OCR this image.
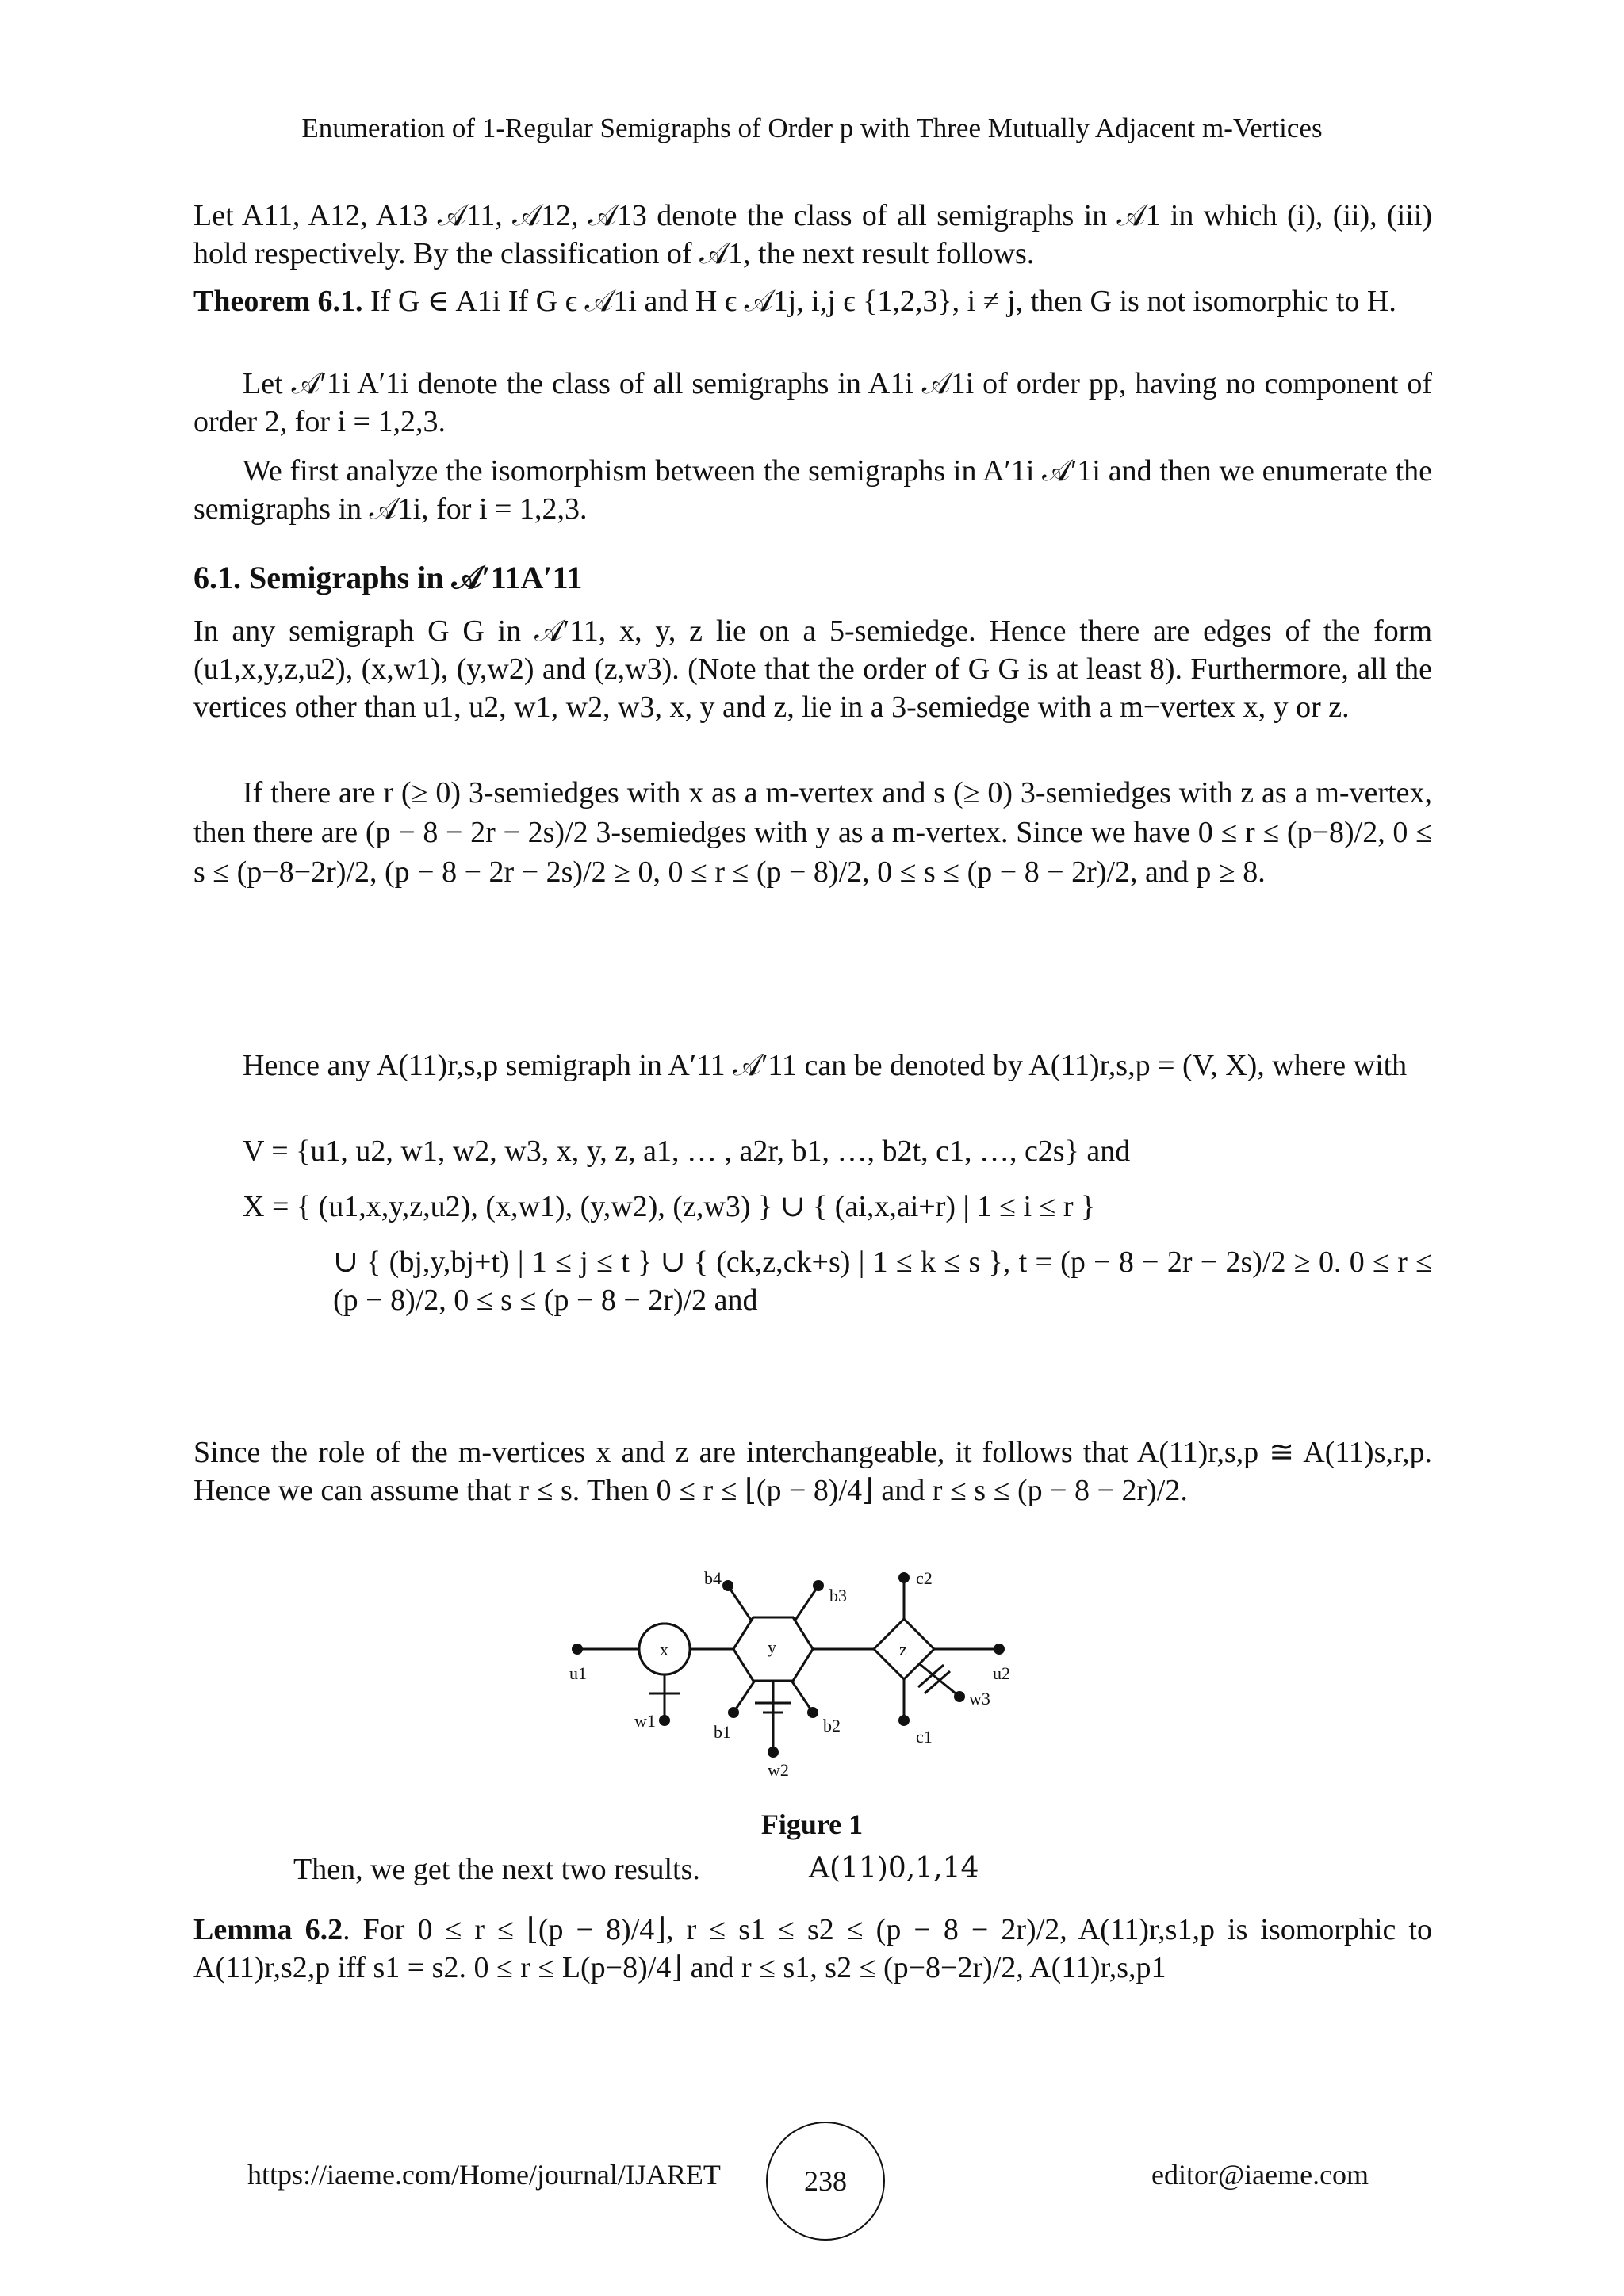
Enumeration of 1-Regular Semigraphs of Order p with Three Mutually Adjacent m-Vertices
Let A11, A12, A13 𝒜11, 𝒜12, 𝒜13 denote the class of all semigraphs in 𝒜1 in which (i), (ii), (iii) hold respectively. By the classification of 𝒜1, the next result follows.
Theorem 6.1. If G ∈ A1i If G ϵ 𝒜1i and H ϵ 𝒜1j, i,j ϵ {1,2,3}, i ≠ j, then G is not isomorphic to H.
Let 𝒜′1i A′1i denote the class of all semigraphs in A1i 𝒜1i of order pp, having no component of order 2, for i = 1,2,3.
We first analyze the isomorphism between the semigraphs in A′1i 𝒜′1i and then we enumerate the semigraphs in 𝒜1i, for i = 1,2,3.
6.1. Semigraphs in 𝒜′11A′11
In any semigraph G G in 𝒜′11, x, y, z lie on a 5-semiedge. Hence there are edges of the form (u1,x,y,z,u2), (x,w1), (y,w2) and (z,w3). (Note that the order of G G is at least 8). Furthermore, all the vertices other than u1, u2, w1, w2, w3, x, y and z, lie in a 3-semiedge with a m−vertex x, y or z.
If there are r (≥ 0) 3-semiedges with x as a m-vertex and s (≥ 0) 3-semiedges with z as a m-vertex, then there are (p − 8 − 2r − 2s)/2 3-semiedges with y as a m-vertex. Since we have 0 ≤ r ≤ (p−8)/2, 0 ≤ s ≤ (p−8−2r)/2, (p − 8 − 2r − 2s)/2 ≥ 0, 0 ≤ r ≤ (p − 8)/2, 0 ≤ s ≤ (p − 8 − 2r)/2, and p ≥ 8.
Hence any A(11)r,s,p semigraph in A′11 𝒜′11 can be denoted by A(11)r,s,p = (V, X), where with
V = {u1, u2, w1, w2, w3, x, y, z, a1, … , a2r, b1, …, b2t, c1, …, c2s} and
X = { (u1,x,y,z,u2), (x,w1), (y,w2), (z,w3) } ∪ { (ai,x,ai+r) | 1 ≤ i ≤ r }
∪ { (bj,y,bj+t) | 1 ≤ j ≤ t } ∪ { (ck,z,ck+s) | 1 ≤ k ≤ s }, t = (p − 8 − 2r − 2s)/2 ≥ 0. 0 ≤ r ≤ (p − 8)/2, 0 ≤ s ≤ (p − 8 − 2r)/2 and
Since the role of the m-vertices x and z are interchangeable, it follows that A(11)r,s,p ≅ A(11)s,r,p. Hence we can assume that r ≤ s. Then 0 ≤ r ≤ ⌊(p − 8)/4⌋ and r ≤ s ≤ (p − 8 − 2r)/2.
u1	u2
x	y	z
w1
w2
w3
b4
b3
b1	b2
c2
c1
Figure 1
Then, we get the next two results.	A(11)0,1,14
Lemma 6.2. For 0 ≤ r ≤ ⌊(p − 8)/4⌋, r ≤ s1 ≤ s2 ≤ (p − 8 − 2r)/2, A(11)r,s1,p is isomorphic to A(11)r,s2,p iff s1 = s2. 0 ≤ r ≤ L(p−8)/4⌋ and r ≤ s1, s2 ≤ (p−8−2r)/2, A(11)r,s,p1
https://iaeme.com/Home/journal/IJARET	238	editor@iaeme.com
